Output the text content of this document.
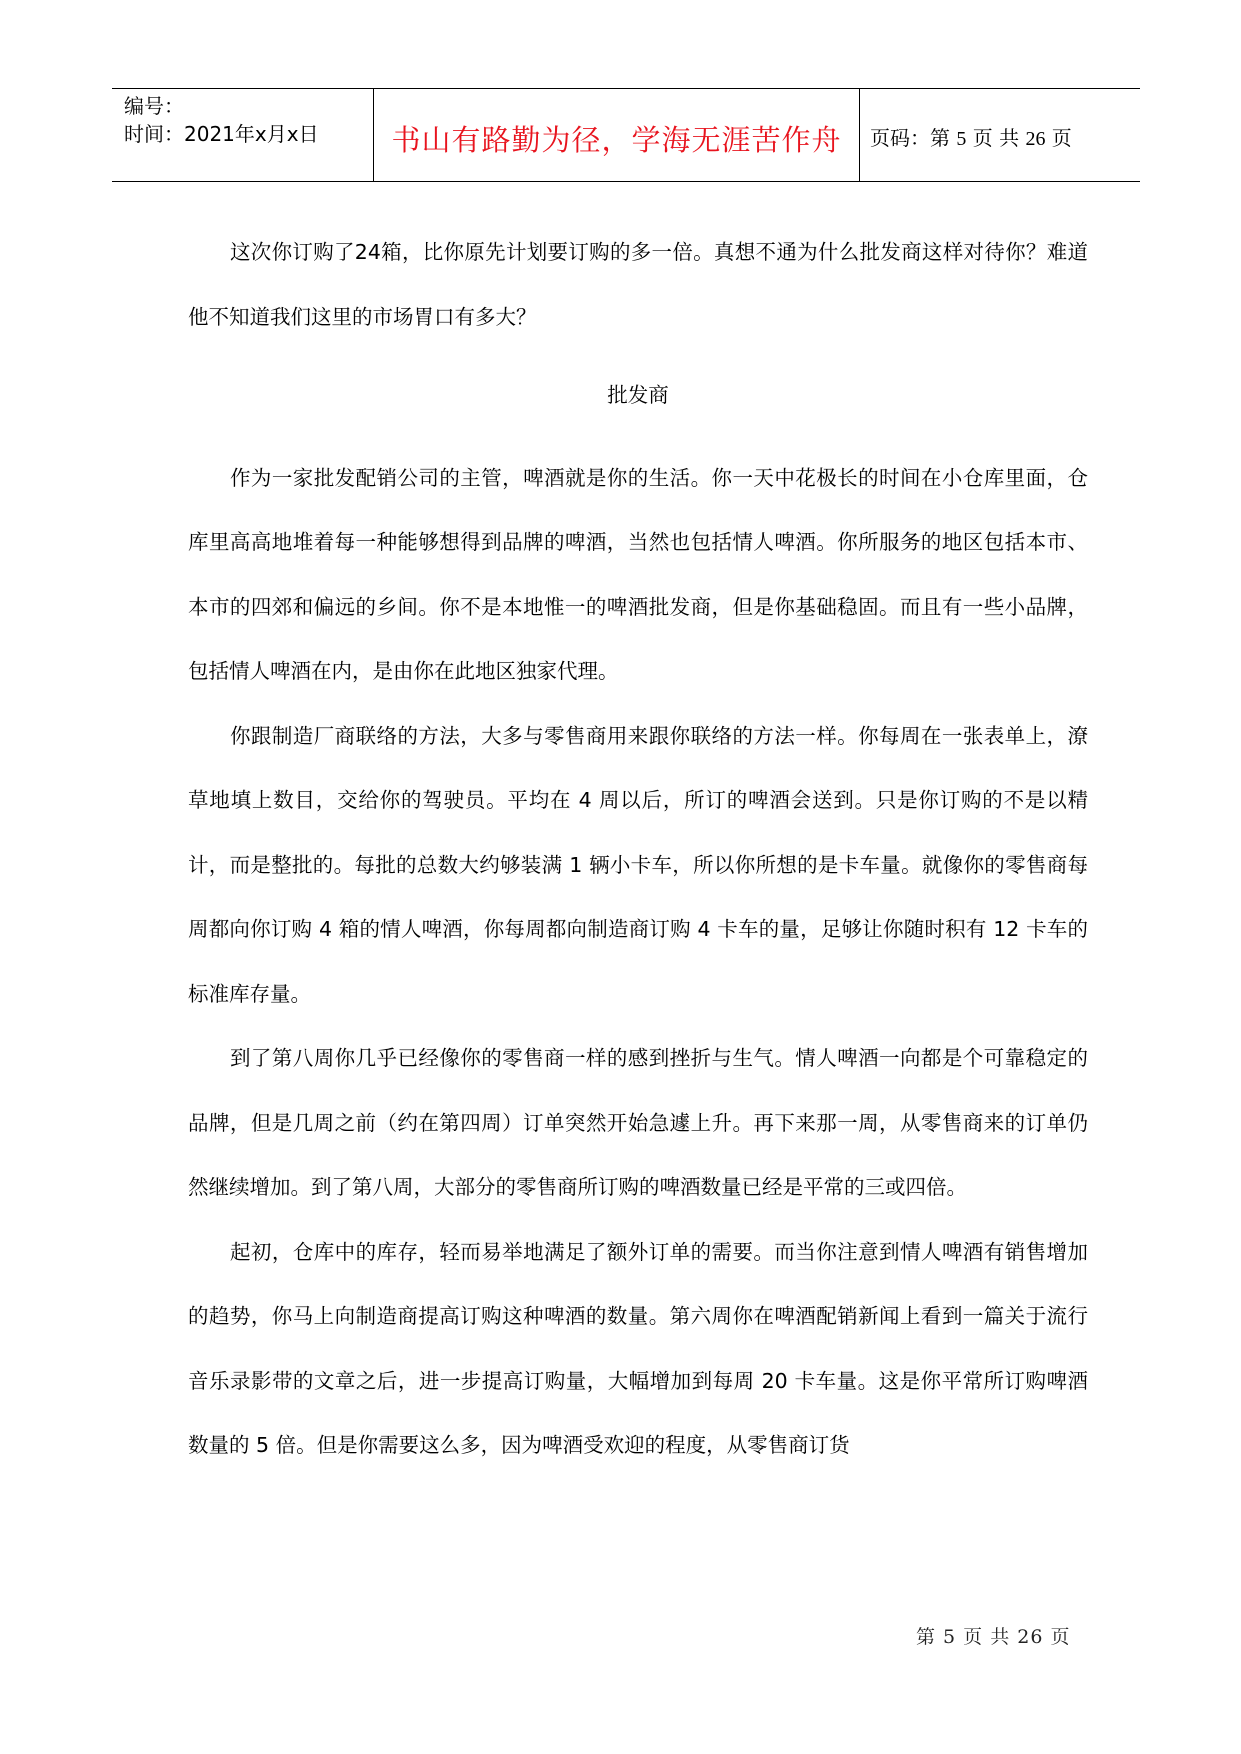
编号：
时间：2021年x月x日	书山有路勤为径，学海无涯苦作舟	页码：第 5 页 共 26 页

这次你订购了24箱，比你原先计划要订购的多一倍。真想不通为什么批发商这样对待你？难道他不知道我们这里的市场胃口有多大？

批发商

作为一家批发配销公司的主管，啤酒就是你的生活。你一天中花极长的时间在小仓库里面，仓库里高高地堆着每一种能够想得到品牌的啤酒，当然也包括情人啤酒。你所服务的地区包括本市、本市的四郊和偏远的乡间。你不是本地惟一的啤酒批发商，但是你基础稳固。而且有一些小品牌，包括情人啤酒在内，是由你在此地区独家代理。

你跟制造厂商联络的方法，大多与零售商用来跟你联络的方法一样。你每周在一张表单上，潦草地填上数目，交给你的驾驶员。平均在 4 周以后，所订的啤酒会送到。只是你订购的不是以精计，而是整批的。每批的总数大约够装满 1 辆小卡车，所以你所想的是卡车量。就像你的零售商每周都向你订购 4 箱的情人啤酒，你每周都向制造商订购 4 卡车的量，足够让你随时积有 12 卡车的标准库存量。

到了第八周你几乎已经像你的零售商一样的感到挫折与生气。情人啤酒一向都是个可靠稳定的品牌，但是几周之前（约在第四周）订单突然开始急遽上升。再下来那一周，从零售商来的订单仍然继续增加。到了第八周，大部分的零售商所订购的啤酒数量已经是平常的三或四倍。

起初，仓库中的库存，轻而易举地满足了额外订单的需要。而当你注意到情人啤酒有销售增加的趋势，你马上向制造商提高订购这种啤酒的数量。第六周你在啤酒配销新闻上看到一篇关于流行音乐录影带的文章之后，进一步提高订购量，大幅增加到每周 20 卡车量。这是你平常所订购啤酒数量的 5 倍。但是你需要这么多，因为啤酒受欢迎的程度，从零售商订货

第 5 页 共 26 页
